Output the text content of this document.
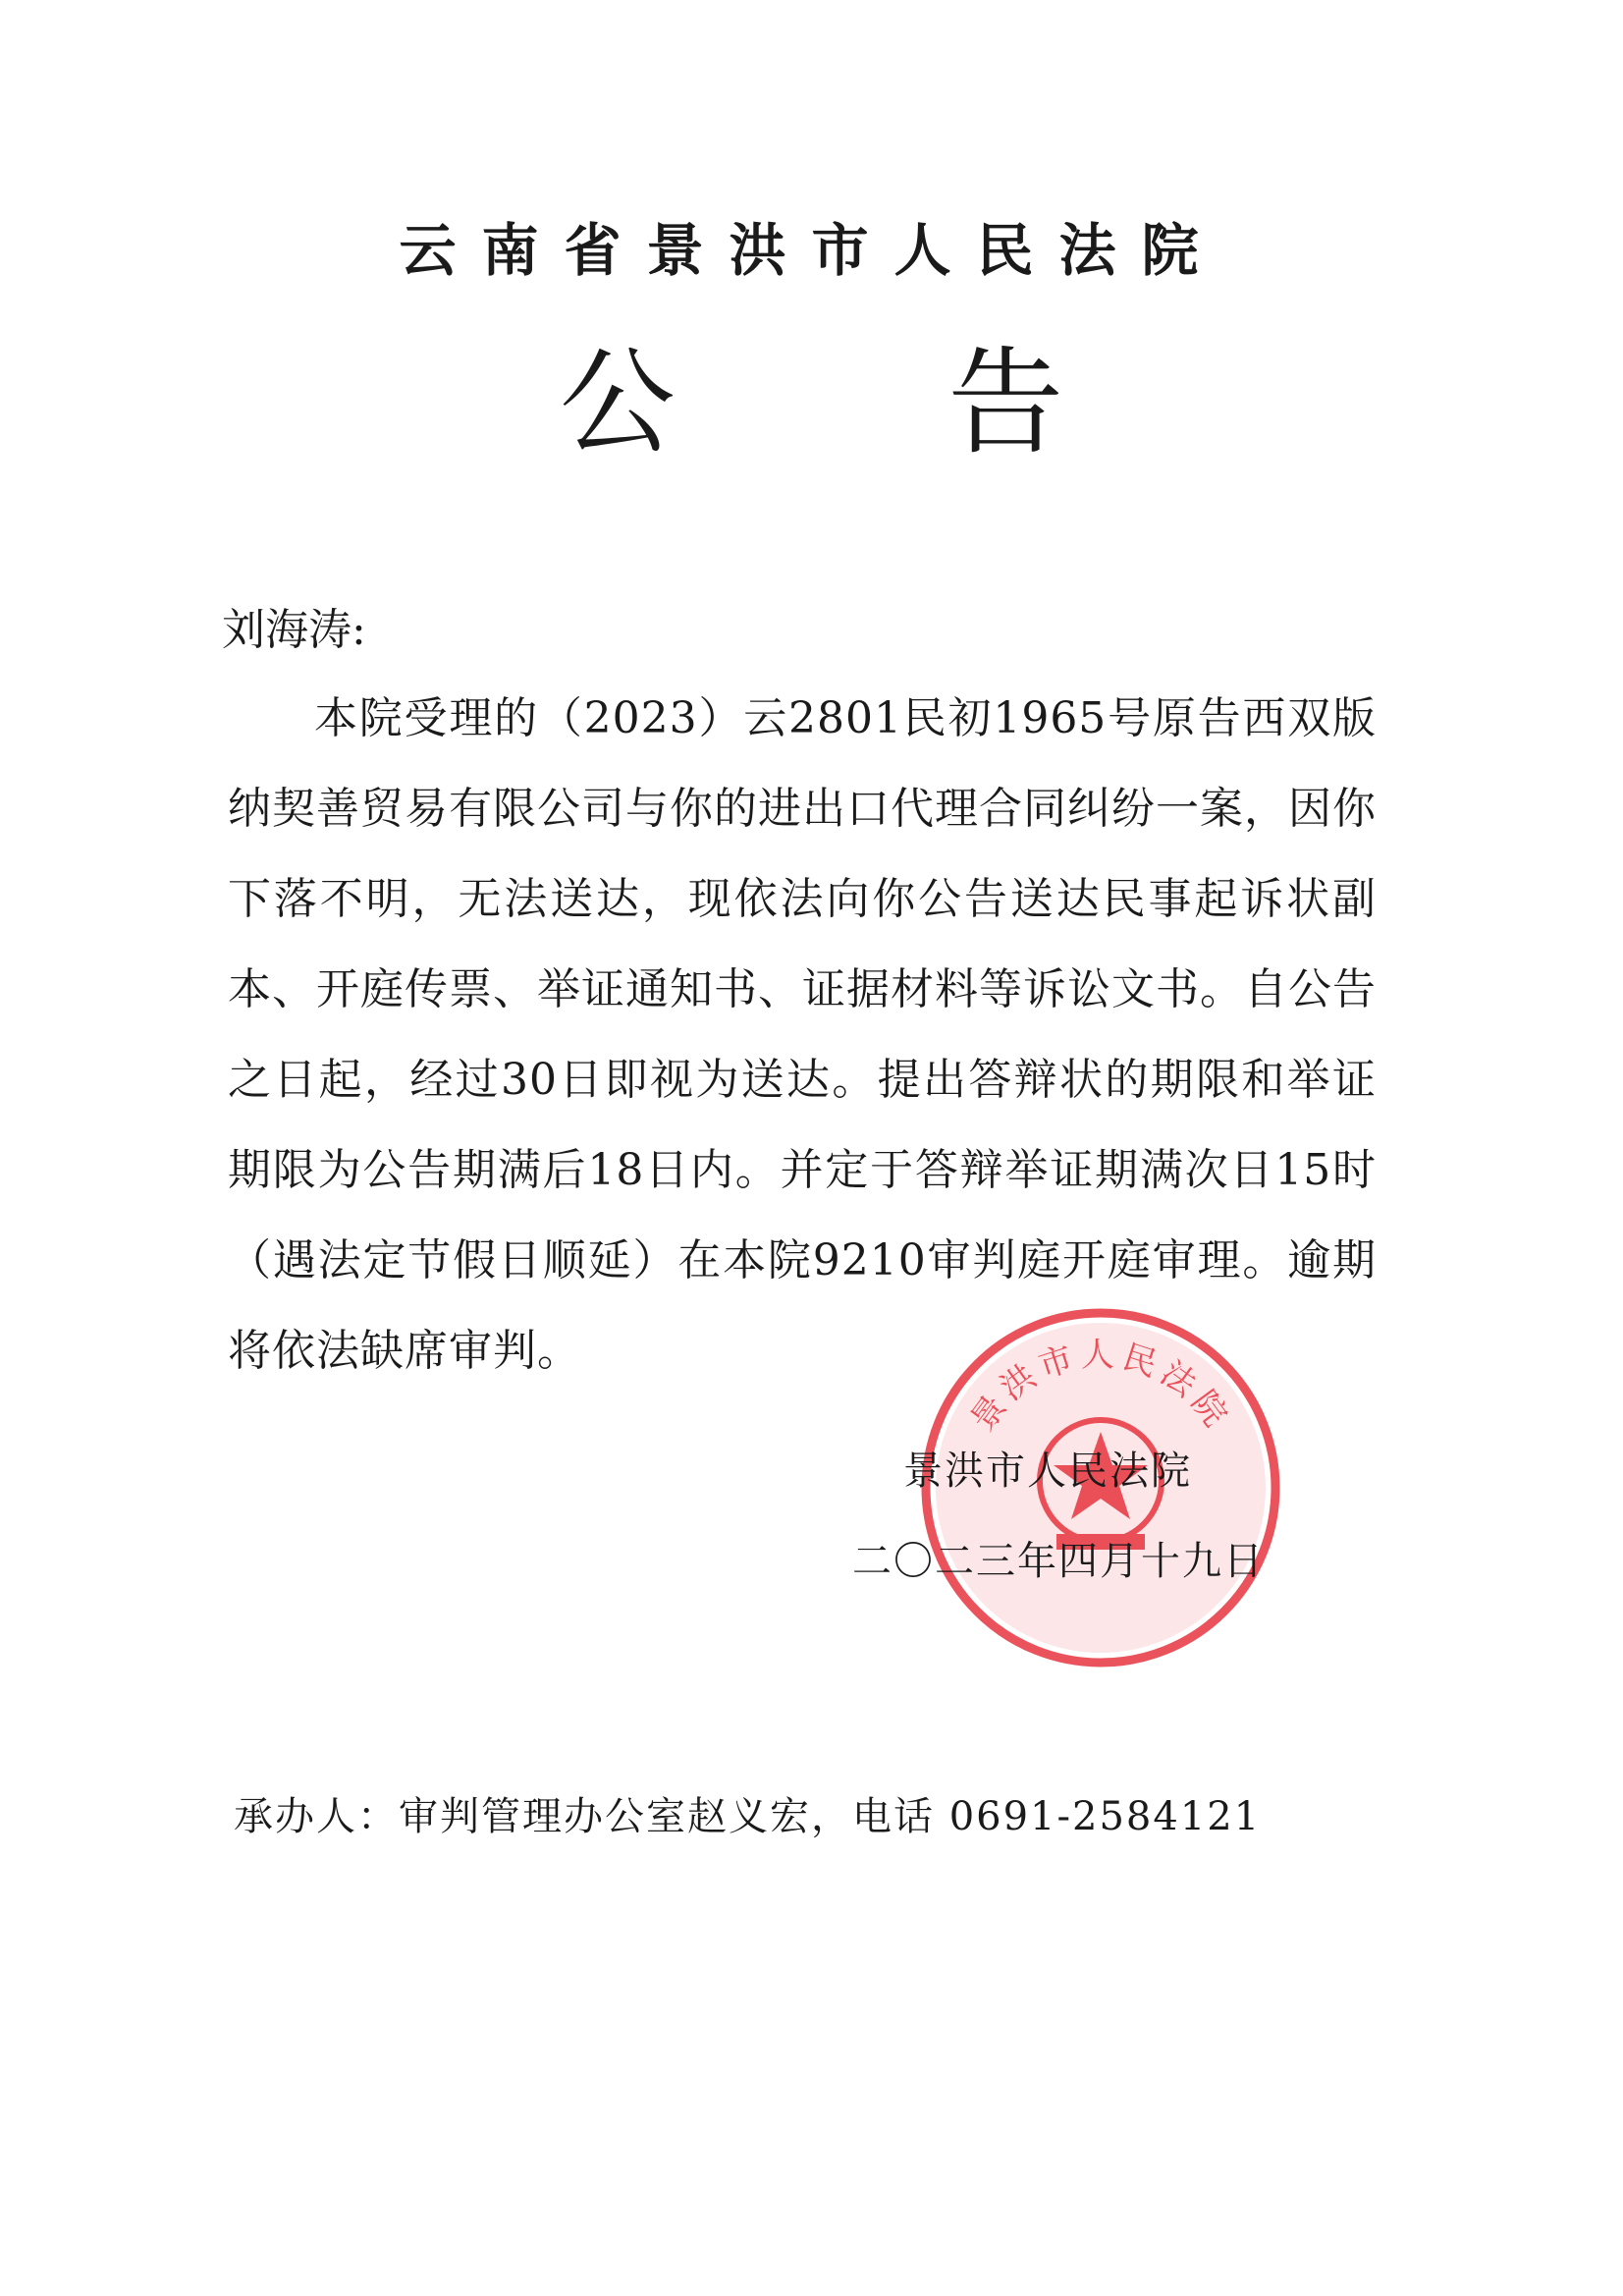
云南省景洪市人民法院
公 告
刘海涛:

本院受理的（2023）云2801民初1965号原告西双版纳契善贸易有限公司与你的进出口代理合同纠纷一案，因你下落不明，无法送达，现依法向你公告送达民事起诉状副本、开庭传票、举证通知书、证据材料等诉讼文书。自公告之日起，经过30日即视为送达。提出答辩状的期限和举证期限为公告期满后18日内。并定于答辩举证期满次日15时（遇法定节假日顺延）在本院9210审判庭开庭审理。逾期将依法缺席审判。

景洪市人民法院
景洪市人民法院
二〇二三年四月十九日
承办人：审判管理办公室赵义宏，电话 0691-2584121
